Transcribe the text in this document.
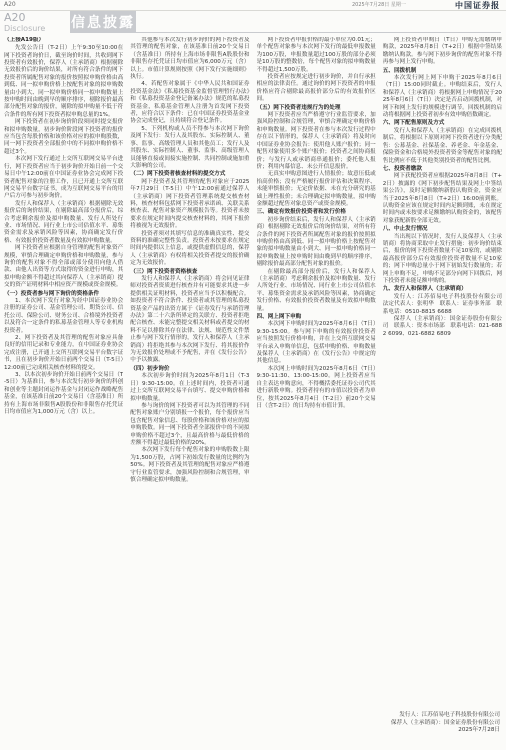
A20	2025年7月28日 星期一	中国证券报
A20
Disclosure 信息披露

（上接A19版）

先发公告日（T-2日）上午9:30至10:00在网下投资者询价日，截至询价时间，共收到网下投资者有效报价，保荐人（主承销商）根据剔除无效报价后的询价结果，对所有符合条件的网下投资者所属配售对象的报价按照拟申购价格由高到低、同一拟申购价格上按配售对象的拟申购数量由小到大、同一拟申购价格同一拟申购数量上按申购时间由晚到早的顺序排序，剔除报价最高部分配售对象的报价，剔除的拟申购量不低于符合条件的所有网下投资者拟申购总量的1%。

网下投资者在初步询价阶段须同时提交报价和拟申购数量，初步询价阶段网下投资者的报价应当包含每股价格和该价格对应的拟申购股数，同一网下投资者全部报价中的不同拟申购价格不超过3个。

本次网下发行通过上交所互联网交易平台进行，网下投资者应当于初步询价开始日前一个交易日中午12:00前在中国证券业协会完成网下投资者配售对象的注册工作，且已开通上交所互联网交易平台数字证书，成为互联网交易平台的用户后方可参与初步询价。

发行人和保荐人（主承销商）根据剔除无效报价后的询价结果，在剔除最高部分报价后，综合考虑剩余报价及拟申购数量、发行人所处行业、市场情况、同行业上市公司估值水平、募集资金需求及承销风险等因素，协商确定发行价格、有效报价投资者数量及有效拟申购数量。

网下投资者应根据自身管理的配售对象资产规模，审慎合理确定申购价格和申购数量，参与询价的配售对象不得全部或部分使用向他人借款、由他人出资等方式取得的资金进行申购，其拟申购金额不得超过其向保荐人（主承销商）提交的资产证明材料中相应资产规模或资金规模。

（一）投资者参与网下询价的资格条件

1、本次网下发行对象为经中国证券业协会注册的证券公司、基金管理公司、期货公司、信托公司、保险公司、财务公司、合格境外投资者以及符合一定条件的私募基金管理人等专业机构投资者。

2、网下投资者及其管理的配售对象应具备良好的信用记录和专业能力，在中国证券业协会完成注册，已开通上交所互联网交易平台数字证书，且在初步询价开始日前两个交易日（T-5日）12:00前已完成相关核查材料的提交。

3、以本次初步询价开始日前两个交易日（T-5日）为基准日，参与本次发行初步询价的科创和创业等主题封闭运作基金与封闭运作战略配售基金，在该基准日前20个交易日（含基准日）所持有上海市场非限售A股股份和非限售存托凭证日均市值应为1,000万元（含）以上。

其他参与本次发行初步询价的网下投资者及其管理的配售对象，在该基准日前20个交易日（含基准日）所持有上海市场非限售A股股份和非限售存托凭证日均市值应为6,000万元（含）以上。市值计算规则按照《网下发行实施细则》执行。

4、若配售对象属于《中华人民共和国证券投资基金法》《私募投资基金监督管理暂行办法》和《私募投资基金登记备案办法》规范的私募投资基金，私募基金管理人注册为首发网下投资者，应符合以下条件：已在中国证券投资基金业协会完成登记，且持续符合登记条件。

5、下列机构或人员不得参与本次网下询价及网下发行：发行人及其股东、实际控制人、董事、监事、高级管理人员和其他员工；发行人及其股东、实际控制人、董事、监事、高级管理人员能够直接或间接实施控制、共同控制或施加重大影响的公司。

（二）网下投资者核查材料的提交方式

网下投资者及其管理的配售对象应于2025年7月29日（T-5日）中午12:00前通过保荐人（主承销商）网下投资者管理系统提交核查材料，核查材料包括网下投资者承诺函、关联关系核查表、配售对象资产规模报告等。投资者未按要求在规定时间内提交核查材料的，其网下报价将被视为无效报价。

投资者须对其填写信息的准确真实性、提交资料的准确完整性负责。投资者未按要求在规定时间内提供以上信息，或提供虚假信息的，保荐人（主承销商）有权将相关投资者提交的报价确定为无效报价。

（三）网下投资者资格核查

发行人和保荐人（主承销商）将会同见证律师对投资者资质进行核查并有可能要求其进一步提供相关证明材料，投资者应当予以积极配合。如投资者不符合条件、投资者或其管理的私募投资基金产品的出资方属于《证券发行与承销管理办法》第二十六条所界定的关联方、投资者拒绝配合核查、未能完整提交相关材料或者提交的材料不足以排除其存在法律、法规、规范性文件禁止参与网下发行情形的，发行人和保荐人（主承销商）将拒绝其参与本次网下发行、将其报价作为无效报价处理或不予配售，并在《发行公告》中予以披露。

（四）初步询价

本次初步询价时间为2025年8月1日（T-3日）9:30-15:00。在上述时间内，投资者可通过上交所互联网交易平台填写、提交申购价格和拟申购数量。

参与询价的网下投资者可以为其管理的不同配售对象账户分别填报一个报价，每个报价应当包含配售对象信息、每股价格和该价格对应的拟申购股数。同一网下投资者全部报价中的不同拟申购价格不超过3个，且最高价格与最低价格的差额不得超过最低价格的20%。

本次网下发行每个配售对象的申购股数上限为1,500万股，占网下初始发行数量的比例约为50%。网下投资者及其管理的配售对象应严格遵守行业监管要求，加强风险控制和合规管理，审慎合理确定拟申购数量。

网下投资者申报价格的最小单位为0.01元；单个配售对象参与本次网下发行的最低申报数量为100万股，申报数量超过100万股的部分必须是10万股的整数倍，每个配售对象的拟申购数量不得超过1,500万股。

投资者应按规定进行初步询价，并自行承担相应的法律责任。通过询价的网下投资者的申报价格应符合剔除最高报价部分后的有效报价区间。

（五）网下投资者违规行为的处理

网下投资者应当严格遵守行业监管要求，加强风险控制和合规管理，审慎合理确定申购价格和申购数量。网下投资者在参与本次发行过程中存在以下情形的，保荐人（主承销商）将及时向中国证券业协会报告：使用他人账户报价；同一配售对象使用多个账户报价；投资者之间协商报价；与发行人或承销商串通报价；委托他人报价；利用内幕信息、未公开信息报价。

无真实申购意图进行人情报价；故意压低或抬高价格；没有严格履行报价评估和决策程序、未能审慎报价；无定价依据、未在充分研究的基础上理性报价；未合理确定拟申购数量，拟申购金额超过配售对象总资产或资金规模。

三、确定有效报价投资者和发行价格

初步询价结束后，发行人和保荐人（主承销商）根据剔除无效报价后的询价结果，对所有符合条件的网下投资者所属配售对象的报价按照拟申购价格由高到低、同一拟申购价格上按配售对象的拟申购数量由小到大、同一拟申购价格同一拟申购数量上按申购时间由晚到早的顺序排序，剔除报价最高部分配售对象的报价。

在剔除最高部分报价后，发行人和保荐人（主承销商）考虑剩余报价及拟申购数量、发行人所处行业、市场情况、同行业上市公司估值水平、募集资金需求及承销风险等因素，协商确定发行价格、有效报价投资者数量及有效拟申购数量。

四、网上网下申购

本次网下申购时间为2025年8月6日（T日）9:30-15:00。参与网下申购的有效报价投资者应当按照发行价格申购，并在上交所互联网交易平台录入申购单信息，包括申购价格、申购数量及保荐人（主承销商）在《发行公告》中规定的其他信息。

本次网上申购时间为2025年8月6日（T日）9:30-11:30、13:00-15:00。网上投资者应当自主表达申购意向，不得概括委托证券公司代其进行新股申购。投资者持有的市值以投资者为单位，按其2025年8月4日（T-2日）前20个交易日（含T-2日）的日均持有市值计算。

网上投资者申购日（T日）申购无需缴纳申购款，2025年8月8日（T+2日）根据中签结果缴纳认购款。参与网下初步询价的配售对象不得再参与网上发行申购。

五、回拨机制

本次发行网上网下申购于2025年8月6日（T日）15:00同时截止。申购结束后，发行人和保荐人（主承销商）将根据网上申购情况于2025年8月6日（T日）决定是否启动回拨机制，对网下和网上发行的规模进行调节。回拨机制的启动将根据网上投资者初步有效申购倍数确定。

六、网下配售原则及方式

发行人和保荐人（主承销商）在完成回拨机制后，将根据以下原则对网下投资者进行分类配售：公募基金、社保基金、养老金、年金基金、保险资金和合格境外投资者资金等配售对象的配售比例应不低于其他类别投资者的配售比例。

七、投资者缴款

网下获配投资者应根据2025年8月8日（T+2日）披露的《网下初步配售结果及网上中签结果公告》，及时足额缴纳新股认购资金，资金应当于2025年8月8日（T+2日）16:00前到账。认购资金应该在规定时间内足额到账，未在规定时间内或未按要求足额缴纳认购资金的，该配售对象获配新股全部无效。

八、中止发行情况

当出现以下情况时，发行人及保荐人（主承销商）将协商采取中止发行措施：初步询价结束后，报价的网下投资者数量不足10家的，或剔除最高报价部分后有效报价投资者数量不足10家的；网下申购总量小于网下初始发行数量的；若网上申购不足，申购不足部分向网下回拨后，网下投资者未能足额申购的。

九、发行人和保荐人（主承销商）

发行人：江苏佰易电子科技股份有限公司　法定代表人：张明华　联系人：证券事务部　联系电话：0510-8815 6688

保荐人（主承销商）：国金证券股份有限公司　联系人：资本市场部　联系电话：021-6882 6099、021-6882 6809

发行人：江苏佰易电子科技股份有限公司
保荐人（主承销商）：国金证券股份有限公司
2025年7月28日
